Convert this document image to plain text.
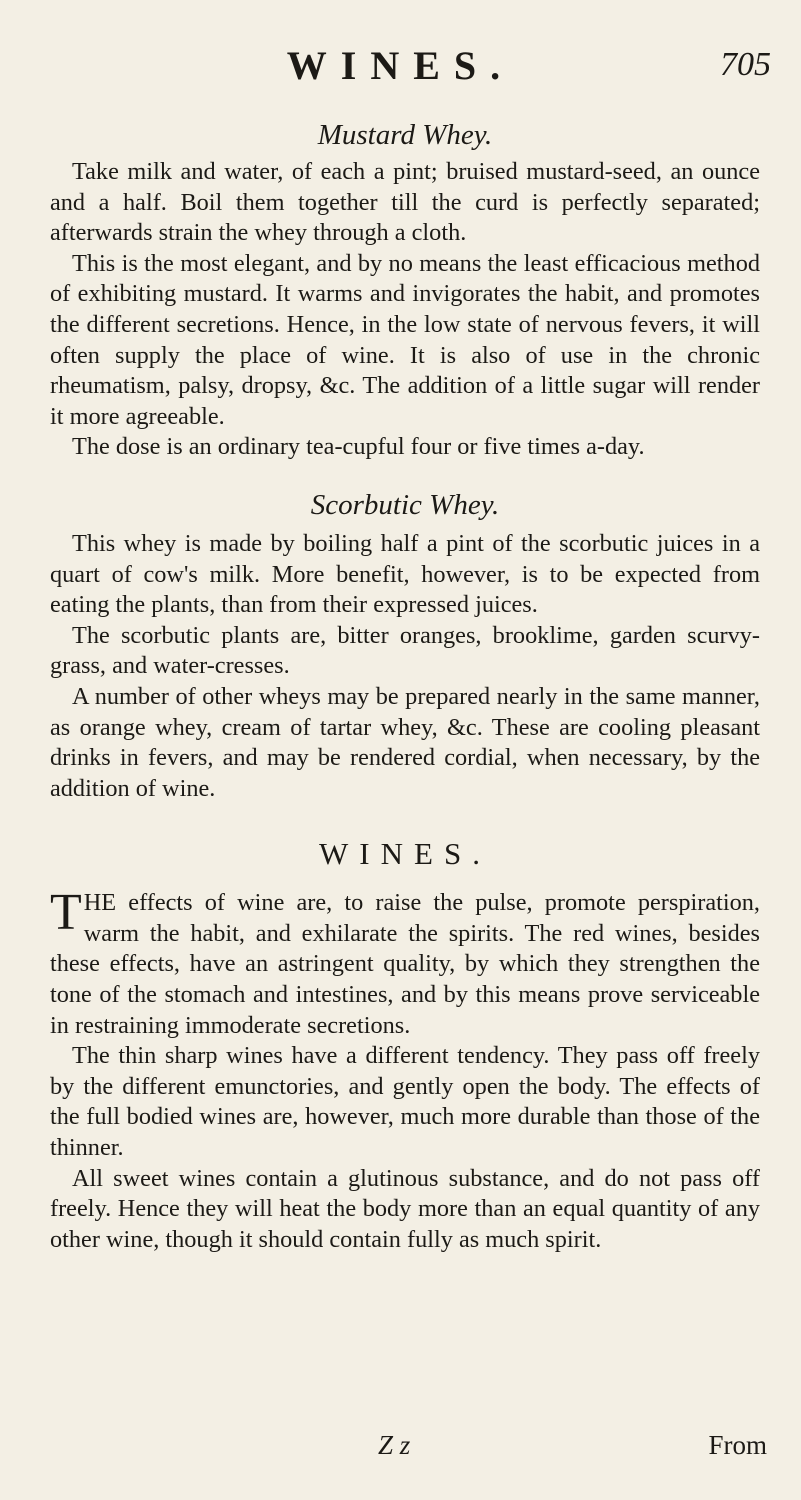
WINES.	705
Mustard Whey.

Take milk and water, of each a pint; bruised mustard-seed, an ounce and a half. Boil them together till the curd is perfectly separated; afterwards strain the whey through a cloth.

This is the most elegant, and by no means the least efficacious method of exhibiting mustard. It warms and invigorates the habit, and promotes the different secretions. Hence, in the low state of nervous fevers, it will often supply the place of wine. It is also of use in the chronic rheumatism, palsy, dropsy, &c. The addition of a little sugar will render it more agreeable.

The dose is an ordinary tea-cupful four or five times a-day.

Scorbutic Whey.

This whey is made by boiling half a pint of the scorbutic juices in a quart of cow's milk. More benefit, however, is to be expected from eating the plants, than from their expressed juices.

The scorbutic plants are, bitter oranges, brooklime, garden scurvy-grass, and water-cresses.

A number of other wheys may be prepared nearly in the same manner, as orange whey, cream of tartar whey, &c. These are cooling pleasant drinks in fevers, and may be rendered cordial, when necessary, by the addition of wine.

WINES.

THE effects of wine are, to raise the pulse, promote perspiration, warm the habit, and exhilarate the spirits. The red wines, besides these effects, have an astringent quality, by which they strengthen the tone of the stomach and intestines, and by this means prove serviceable in restraining immoderate secretions.

The thin sharp wines have a different tendency. They pass off freely by the different emunctories, and gently open the body. The effects of the full bodied wines are, however, much more durable than those of the thinner.

All sweet wines contain a glutinous substance, and do not pass off freely. Hence they will heat the body more than an equal quantity of any other wine, though it should contain fully as much spirit.

Z z	From
